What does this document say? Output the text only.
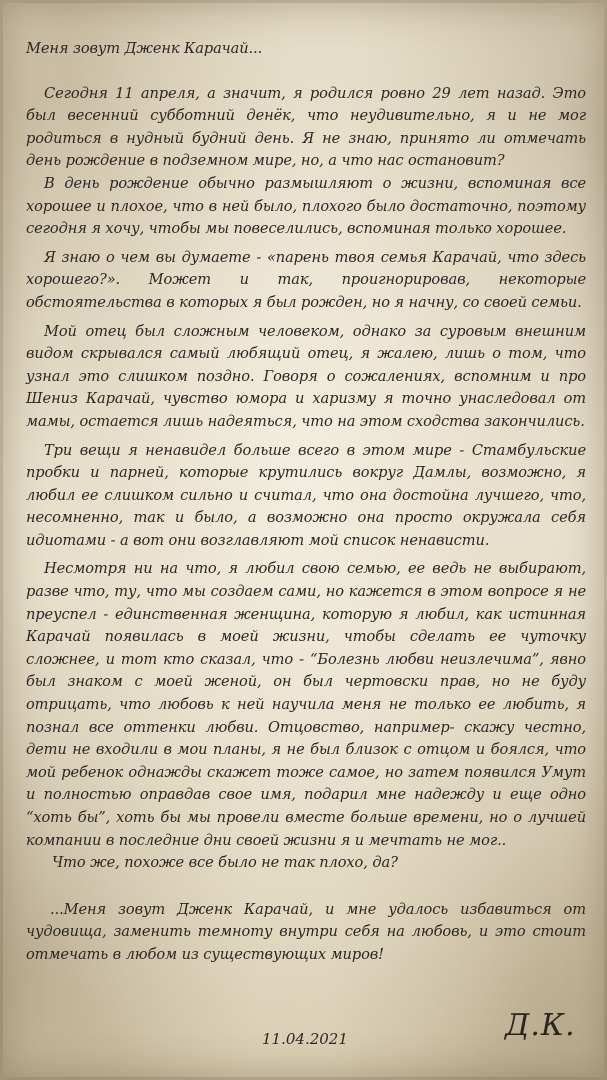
Меня зовут Дженк Карачай...

Сегодня 11 апреля, а значит, я родился ровно 29 лет назад. Это был весенний субботний денёк, что неудивительно, я и не мог родиться в нудный будний день. Я не знаю, принято ли отмечать день рождение в подземном мире, но, а что нас остановит?

В день рождение обычно размышляют о жизни, вспоминая все хорошее и плохое, что в ней было, плохого было достаточно, поэтому сегодня я хочу, чтобы мы повеселились, вспоминая только хорошее.

Я знаю о чем вы думаете - «парень твоя семья Карачай, что здесь хорошего?». Может и так, проигнорировав, некоторые обстоятельства в которых я был рожден, но я начну, со своей семьи.

Мой отец был сложным человеком, однако за суровым внешним видом скрывался самый любящий отец, я жалею, лишь о том, что узнал это слишком поздно. Говоря о сожалениях, вспомним и про Шениз Карачай, чувство юмора и харизму я точно унаследовал от мамы, остается лишь надеяться, что на этом сходства закончились.

Три вещи я ненавидел больше всего в этом мире - Стамбульские пробки и парней, которые крутились вокруг Дамлы, возможно, я любил ее слишком сильно и считал, что она достойна лучшего, что, несомненно, так и было, а возможно она просто окружала себя идиотами - а вот они возглавляют мой список ненависти.

Несмотря ни на что, я любил свою семью, ее ведь не выбирают, разве что, ту, что мы создаем сами, но кажется в этом вопросе я не преуспел - единственная женщина, которую я любил, как истинная Карачай появилась в моей жизни, чтобы сделать ее чуточку сложнее, и тот кто сказал, что - “Болезнь любви неизлечима”, явно был знаком с моей женой, он был чертовски прав, но не буду отрицать, что любовь к ней научила меня не только ее любить, я познал все оттенки любви. Отцовство, например- скажу честно, дети не входили в мои планы, я не был близок с отцом и боялся, что мой ребенок однажды скажет тоже самое, но затем появился Умут и полностью оправдав свое имя, подарил мне надежду и еще одно “хоть бы”, хоть бы мы провели вместе больше времени, но о лучшей компании в последние дни своей жизни я и мечтать не мог..

Что же, похоже все было не так плохо, да?

...Меня зовут Дженк Карачай, и мне удалось избавиться от чудовища, заменить темноту внутри себя на любовь, и это стоит отмечать в любом из существующих миров!

11.04.2021	Д.К.
